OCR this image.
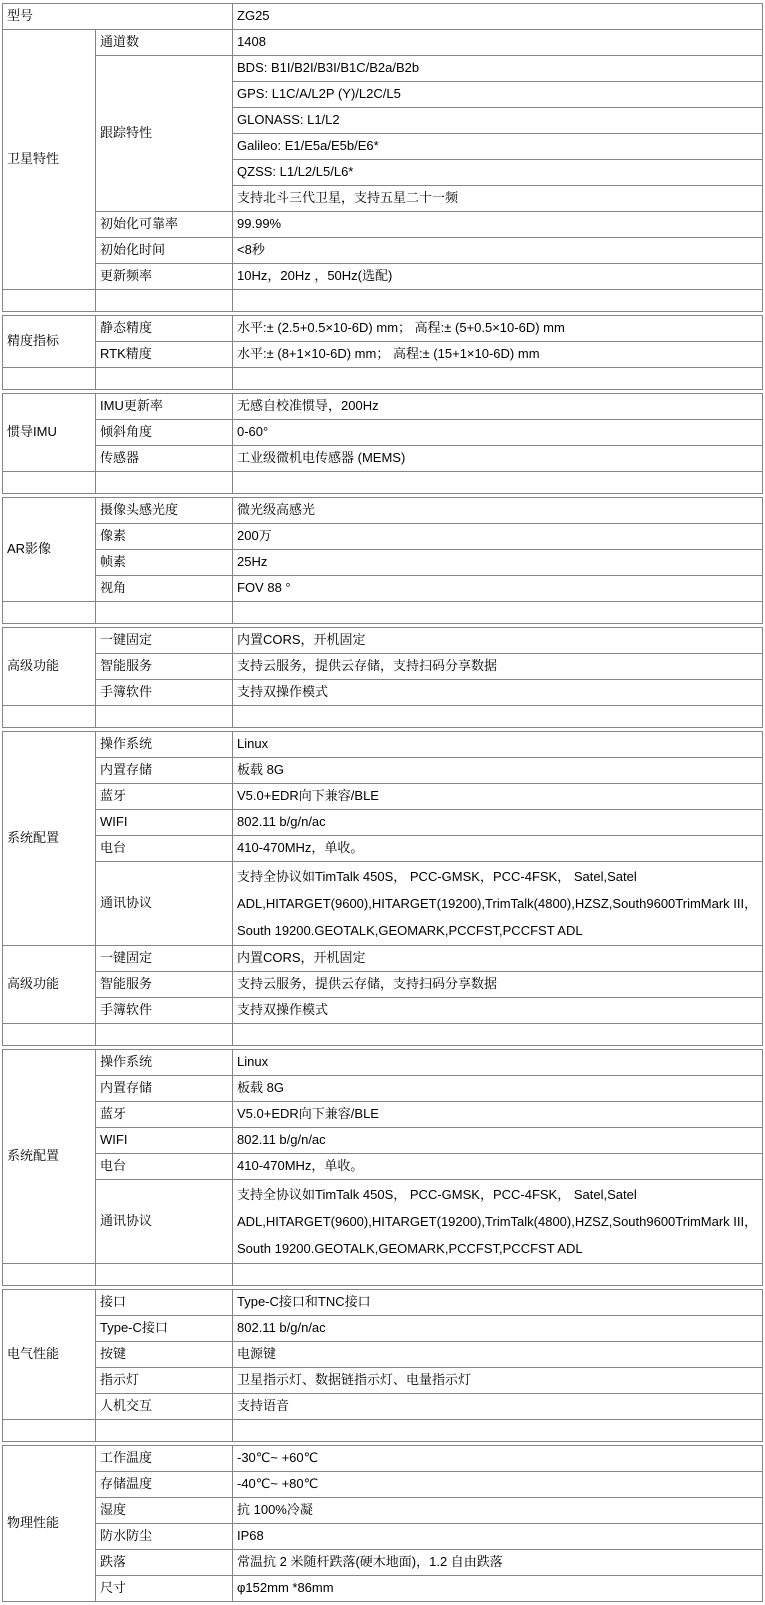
型号		ZG25
卫星特性	通道数	1408
	跟踪特性	BDS: B1I/B2I/B3I/B1C/B2a/B2b
		GPS: L1C/A/L2P (Y)/L2C/L5
		GLONASS: L1/L2
		Galileo: E1/E5a/E5b/E6*
		QZSS: L1/L2/L5/L6*
		支持北斗三代卫星，支持五星二十一频
	初始化可靠率	99.99%
	初始化时间	<8秒
	更新频率	10Hz，20Hz ，50Hz(选配)

精度指标	静态精度	水平:± (2.5+0.5×10-6D) mm； 高程:± (5+0.5×10-6D) mm
	RTK精度	水平:± (8+1×10-6D) mm； 高程:± (15+1×10-6D) mm

惯导IMU	IMU更新率	无感自校准惯导，200Hz
	倾斜角度	0-60°
	传感器	工业级微机电传感器 (MEMS)

AR影像	摄像头感光度	微光级高感光
	像素	200万
	帧素	25Hz
	视角	FOV 88 °

高级功能	一键固定	内置CORS，开机固定
	智能服务	支持云服务，提供云存储，支持扫码分享数据
	手簿软件	支持双操作模式

系统配置	操作系统	Linux
	内置存储	板载 8G
	蓝牙	V5.0+EDR向下兼容/BLE
	WIFI	802.11 b/g/n/ac
	电台	410-470MHz，单收。
	通讯协议	支持全协议如TimTalk 450S， PCC-GMSK，PCC-4FSK， Satel,Satel ADL,HITARGET(9600),HITARGET(19200),TrimTalk(4800),HZSZ,South9600TrimMark III，South 19200.GEOTALK,GEOMARK,PCCFST,PCCFST ADL
高级功能	一键固定	内置CORS，开机固定
	智能服务	支持云服务，提供云存储，支持扫码分享数据
	手簿软件	支持双操作模式

系统配置	操作系统	Linux
	内置存储	板载 8G
	蓝牙	V5.0+EDR向下兼容/BLE
	WIFI	802.11 b/g/n/ac
	电台	410-470MHz，单收。
	通讯协议	支持全协议如TimTalk 450S， PCC-GMSK，PCC-4FSK， Satel,Satel ADL,HITARGET(9600),HITARGET(19200),TrimTalk(4800),HZSZ,South9600TrimMark III，South 19200.GEOTALK,GEOMARK,PCCFST,PCCFST ADL

电气性能	接口	Type-C接口和TNC接口
	Type-C接口	802.11 b/g/n/ac
	按键	电源键
	指示灯	卫星指示灯、数据链指示灯、电量指示灯
	人机交互	支持语音

物理性能	工作温度	-30℃~ +60℃
	存储温度	-40℃~ +80℃
	湿度	抗 100%冷凝
	防水防尘	IP68
	跌落	常温抗 2 米随杆跌落(硬木地面)，1.2 自由跌落
	尺寸	φ152mm *86mm
